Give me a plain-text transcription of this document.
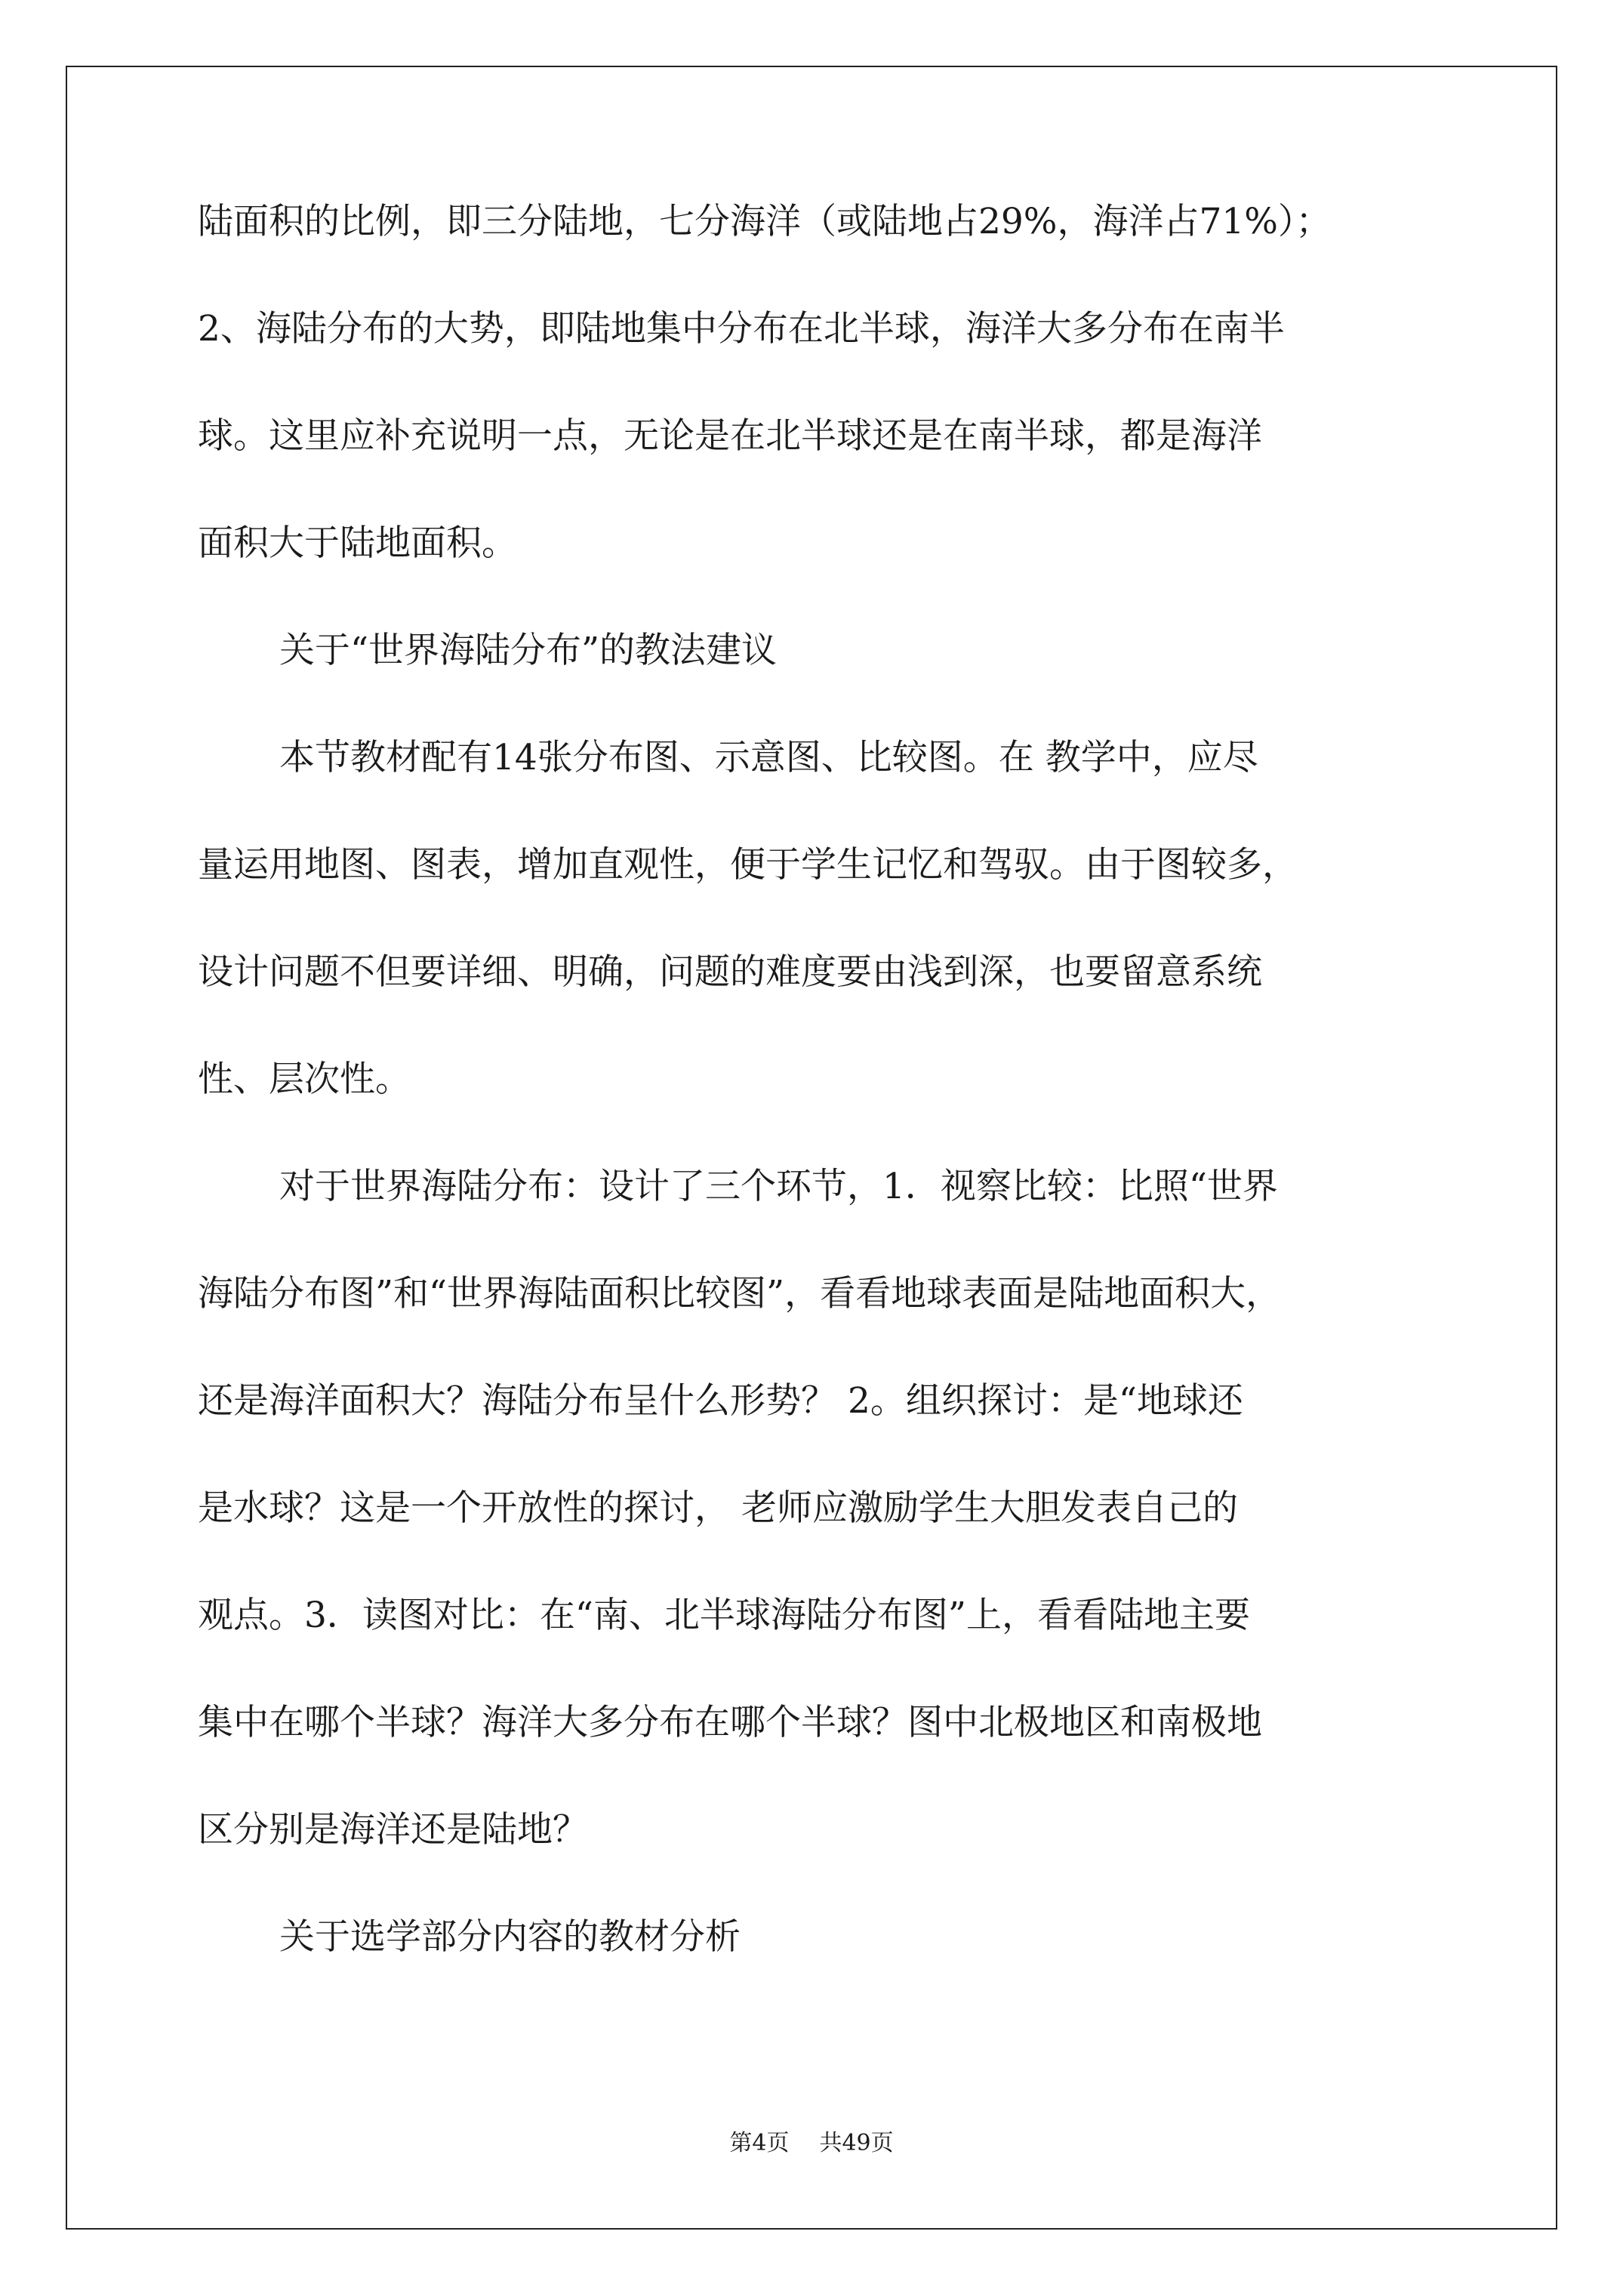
陆面积的比例，即三分陆地，七分海洋（或陆地占29%，海洋占71%）；
2、海陆分布的大势，即陆地集中分布在北半球，海洋大多分布在南半
球。这里应补充说明一点，无论是在北半球还是在南半球，都是海洋
面积大于陆地面积。
关于“世界海陆分布”的教法建议
本节教材配有14张分布图、示意图、比较图。在 教学中，应尽
量运用地图、图表，增加直观性，便于学生记忆和驾驭。由于图较多，
设计问题不但要详细、明确，问题的难度要由浅到深，也要留意系统
性、层次性。
对于世界海陆分布：设计了三个环节，1．视察比较：比照“世界
海陆分布图”和“世界海陆面积比较图”，看看地球表面是陆地面积大，
还是海洋面积大？海陆分布呈什么形势？ 2。组织探讨：是“地球还
是水球？这是一个开放性的探讨， 老师应激励学生大胆发表自己的
观点。3．读图对比：在“南、北半球海陆分布图”上，看看陆地主要
集中在哪个半球？海洋大多分布在哪个半球？图中北极地区和南极地
区分别是海洋还是陆地？
关于选学部分内容的教材分析
第4页 共49页
